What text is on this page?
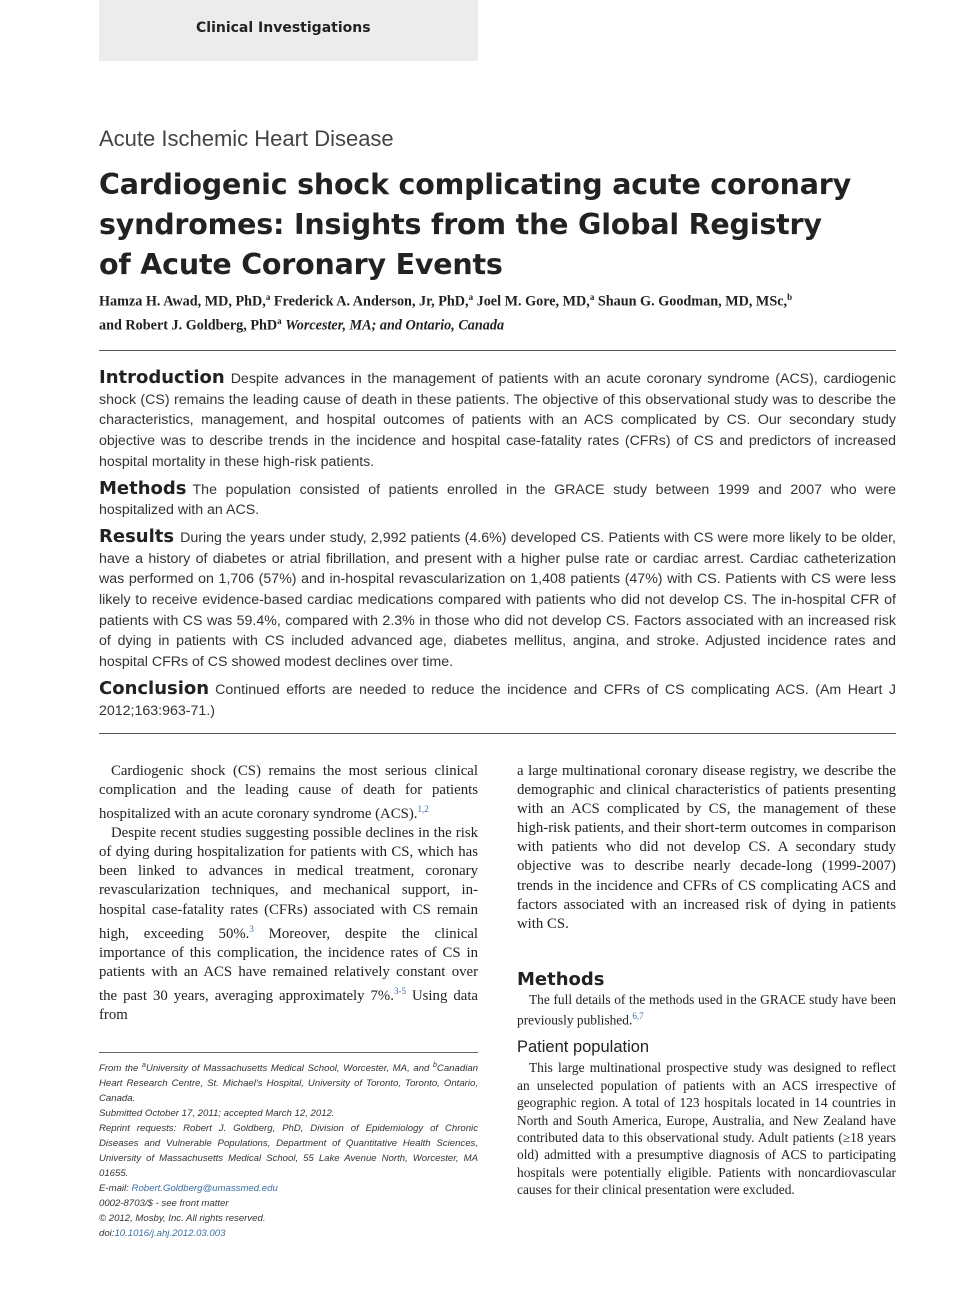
Clinical Investigations
Acute Ischemic Heart Disease
Cardiogenic shock complicating acute coronary syndromes: Insights from the Global Registry of Acute Coronary Events
Hamza H. Awad, MD, PhD,$^a$ Frederick A. Anderson, Jr, PhD,$^a$ Joel M. Gore, MD,$^a$ Shaun G. Goodman, MD, MSc,$^b$
and Robert J. Goldberg, PhD$^a$ Worcester, MA; and Ontario, Canada

Introduction Despite advances in the management of patients with an acute coronary syndrome (ACS), cardiogenic shock (CS) remains the leading cause of death in these patients. The objective of this observational study was to describe the characteristics, management, and hospital outcomes of patients with an ACS complicated by CS. Our secondary study objective was to describe trends in the incidence and hospital case-fatality rates (CFRs) of CS and predictors of increased hospital mortality in these high-risk patients.

Methods The population consisted of patients enrolled in the GRACE study between 1999 and 2007 who were hospitalized with an ACS.

Results During the years under study, 2,992 patients (4.6%) developed CS. Patients with CS were more likely to be older, have a history of diabetes or atrial fibrillation, and present with a higher pulse rate or cardiac arrest. Cardiac catheterization was performed on 1,706 (57%) and in-hospital revascularization on 1,408 patients (47%) with CS. Patients with CS were less likely to receive evidence-based cardiac medications compared with patients who did not develop CS. The in-hospital CFR of patients with CS was 59.4%, compared with 2.3% in those who did not develop CS. Factors associated with an increased risk of dying in patients with CS included advanced age, diabetes mellitus, angina, and stroke. Adjusted incidence rates and hospital CFRs of CS showed modest declines over time.

Conclusion Continued efforts are needed to reduce the incidence and CFRs of CS complicating ACS. (Am Heart J 2012;163:963-71.)

Cardiogenic shock (CS) remains the most serious clinical complication and the leading cause of death for patients hospitalized with an acute coronary syndrome (ACS).$^{1,2}$

Despite recent studies suggesting possible declines in the risk of dying during hospitalization for patients with CS, which has been linked to advances in medical treatment, coronary revascularization techniques, and mechanical support, in-hospital case-fatality rates (CFRs) associated with CS remain high, exceeding 50%.$^3$ Moreover, despite the clinical importance of this complication, the incidence rates of CS in patients with an ACS have remained relatively constant over the past 30 years, averaging approximately 7%.$^{3-5}$ Using data from

From the $^a$University of Massachusetts Medical School, Worcester, MA, and $^b$Canadian Heart Research Centre, St. Michael's Hospital, University of Toronto, Toronto, Ontario, Canada.

Submitted October 17, 2011; accepted March 12, 2012.

Reprint requests: Robert J. Goldberg, PhD, Division of Epidemiology of Chronic Diseases and Vulnerable Populations, Department of Quantitative Health Sciences, University of Massachusetts Medical School, 55 Lake Avenue North, Worcester, MA 01655.

E-mail: Robert.Goldberg@umassmed.edu

0002-8703/$ - see front matter

© 2012, Mosby, Inc. All rights reserved.

doi:10.1016/j.ahj.2012.03.003

a large multinational coronary disease registry, we describe the demographic and clinical characteristics of patients presenting with an ACS complicated by CS, the management of these high-risk patients, and their short-term outcomes in comparison with patients who did not develop CS. A secondary study objective was to describe nearly decade-long (1999-2007) trends in the incidence and CFRs of CS complicating ACS and factors associated with an increased risk of dying in patients with CS.

Methods

The full details of the methods used in the GRACE study have been previously published.$^{6,7}$

Patient population

This large multinational prospective study was designed to reflect an unselected population of patients with an ACS irrespective of geographic region. A total of 123 hospitals located in 14 countries in North and South America, Europe, Australia, and New Zealand have contributed data to this observational study. Adult patients (≥18 years old) admitted with a presumptive diagnosis of ACS to participating hospitals were potentially eligible. Patients with noncardiovascular causes for their clinical presentation were excluded.
